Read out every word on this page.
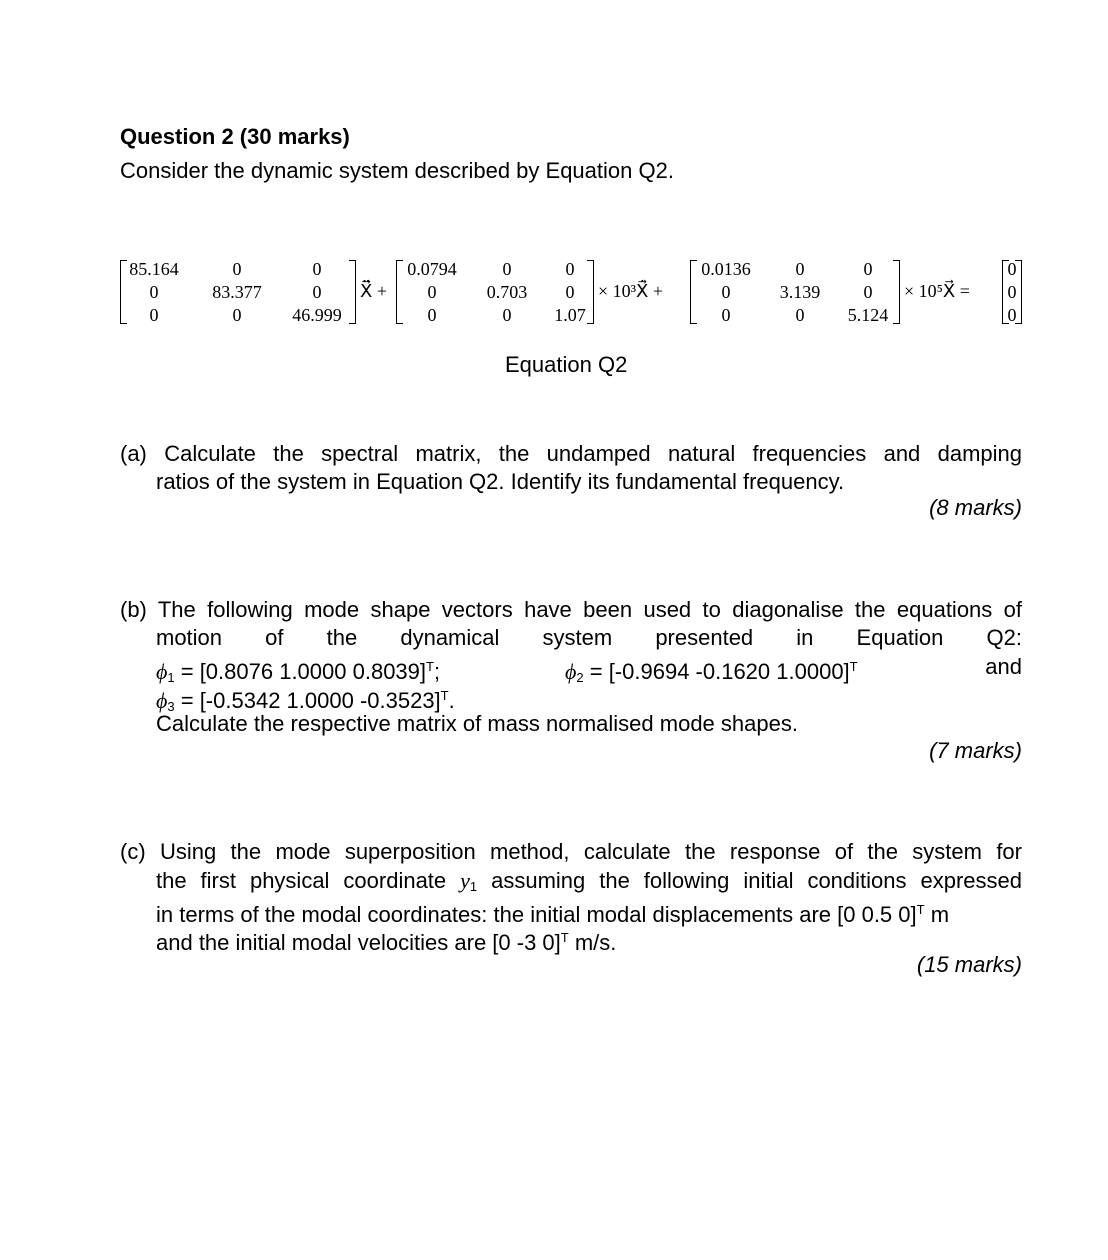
Question 2 (30 marks)
Consider the dynamic system described by Equation Q2.
85.164	0	0
0	83.377	0
0	0	46.999
X⃗̈ +
0.0794	0	0
0	0.703 0
0	0 1.07
× 10³X⃗̇ +
0.0136 0	0
0	3.139 0
0	0 5.124
× 10⁵X⃗ =
0
0
0
Equation Q2
(a) Calculate the spectral matrix, the undamped natural frequencies and damping
ratios of the system in Equation Q2. Identify its fundamental frequency.
(8 marks)
(b) The following mode shape vectors have been used to diagonalise the equations of
motion of the dynamical system presented in Equation Q2:
$\phi_1 = [0.8076$ 1.0000 0.8039]$^T$;	$\phi_2 = [-0.9694$ -0.1620 1.0000]$^T$	and
$\phi_3 = [-0.5342$ 1.0000 -0.3523]$^T$.
Calculate the respective matrix of mass normalised mode shapes.
(7 marks)
(c) Using the mode superposition method, calculate the response of the system for
the first physical coordinate $y_1$ assuming the following initial conditions expressed
in terms of the modal coordinates: the initial modal displacements are [0 0.5 0]$^T$ m
and the initial modal velocities are [0 -3 0]$^T$ m/s.
(15 marks)
